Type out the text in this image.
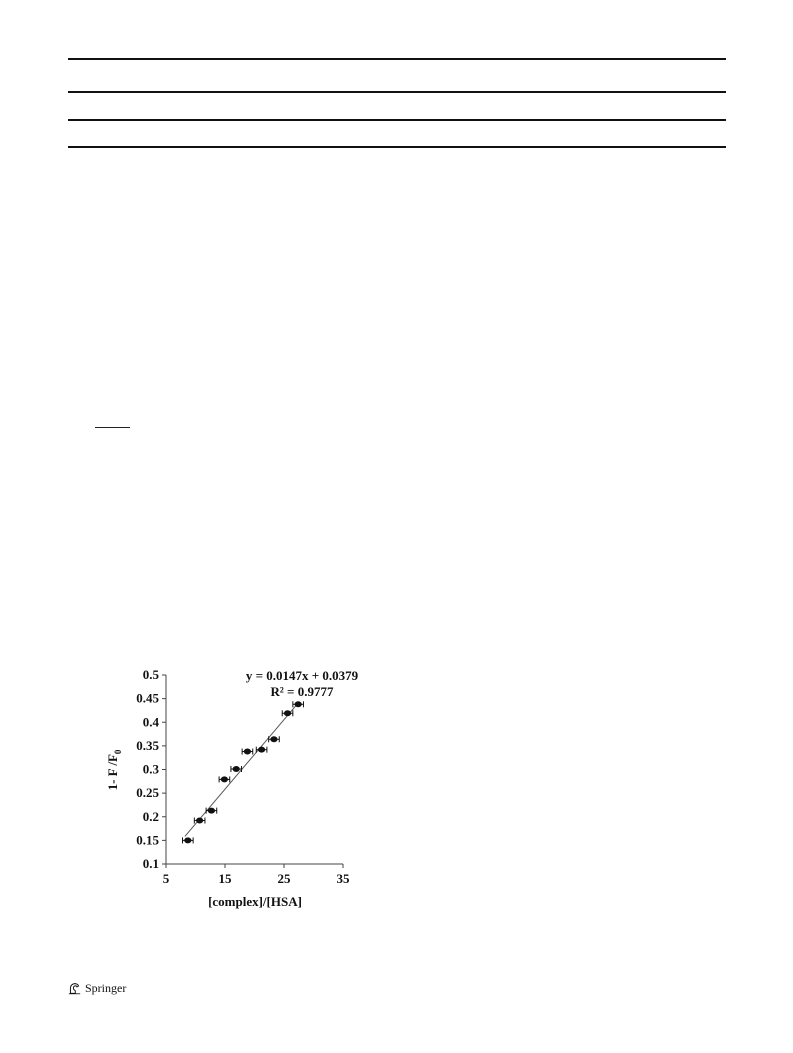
0.1
0.15
0.2
0.25
0.3
0.35
0.4
0.45
0.5
5	15	25	35
y = 0.0147x + 0.0379
R² = 0.9777
[complex]/[HSA]
1- F $/F_0$
Springer
